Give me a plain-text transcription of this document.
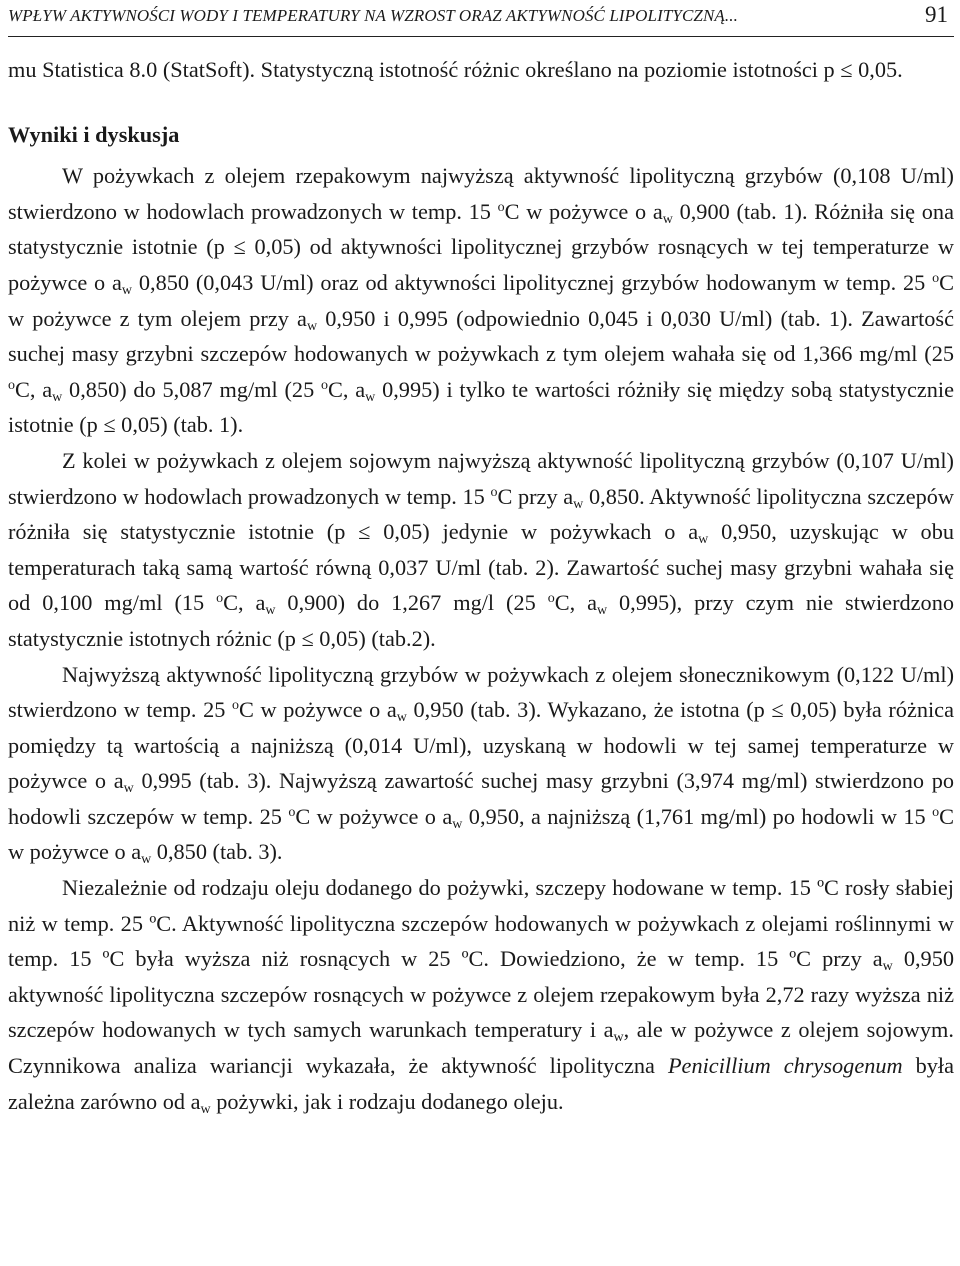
WPŁYW AKTYWNOŚCI WODY I TEMPERATURY NA WZROST ORAZ AKTYWNOŚĆ LIPOLITYCZNĄ...	91

mu Statistica 8.0 (StatSoft). Statystyczną istotność różnic określano na poziomie istotności p ≤ 0,05.

Wyniki i dyskusja

W pożywkach z olejem rzepakowym najwyższą aktywność lipolityczną grzybów (0,108 U/ml) stwierdzono w hodowlach prowadzonych w temp. 15 $^o$C w pożywce o $a_w$ 0,900 (tab. 1). Różniła się ona statystycznie istotnie (p ≤ 0,05) od aktywności lipolitycznej grzybów rosnących w tej temperaturze w pożywce o $a_w$ 0,850 (0,043 U/ml) oraz od aktywności lipolitycznej grzybów hodowanym w temp. 25 $^o$C w pożywce z tym olejem przy $a_w$ 0,950 i 0,995 (odpowiednio 0,045 i 0,030 U/ml) (tab. 1). Zawartość suchej masy grzybni szczepów hodowanych w pożywkach z tym olejem wahała się od 1,366 mg/ml (25 $^o$C, $a_w$ 0,850) do 5,087 mg/ml (25 $^o$C, $a_w$ 0,995) i tylko te wartości różniły się między sobą statystycznie istotnie (p ≤ 0,05) (tab. 1).

Z kolei w pożywkach z olejem sojowym najwyższą aktywność lipolityczną grzybów (0,107 U/ml) stwierdzono w hodowlach prowadzonych w temp. 15 $^o$C przy $a_w$ 0,850. Aktywność lipolityczna szczepów różniła się statystycznie istotnie (p ≤ 0,05) jedynie w pożywkach o $a_w$ 0,950, uzyskując w obu temperaturach taką samą wartość równą 0,037 U/ml (tab. 2). Zawartość suchej masy grzybni wahała się od 0,100 mg/ml (15 $^o$C, $a_w$ 0,900) do 1,267 mg/l (25 $^o$C, $a_w$ 0,995), przy czym nie stwierdzono statystycznie istotnych różnic (p ≤ 0,05) (tab.2).

Najwyższą aktywność lipolityczną grzybów w pożywkach z olejem słonecznikowym (0,122 U/ml) stwierdzono w temp. 25 $^o$C w pożywce o $a_w$ 0,950 (tab. 3). Wykazano, że istotna (p ≤ 0,05) była różnica pomiędzy tą wartością a najniższą (0,014 U/ml), uzyskaną w hodowli w tej samej temperaturze w pożywce o $a_w$ 0,995 (tab. 3). Najwyższą zawartość suchej masy grzybni (3,974 mg/ml) stwierdzono po hodowli szczepów w temp. 25 $^o$C w pożywce o $a_w$ 0,950, a najniższą (1,761 mg/ml) po hodowli w 15 $^o$C w pożywce o $a_w$ 0,850 (tab. 3).

Niezależnie od rodzaju oleju dodanego do pożywki, szczepy hodowane w temp. 15 ºC rosły słabiej niż w temp. 25 ºC. Aktywność lipolityczna szczepów hodowanych w pożywkach z olejami roślinnymi w temp. 15 ºC była wyższa niż rosnących w 25 ºC. Dowiedziono, że w temp. 15 ºC przy $a_w$ 0,950 aktywność lipolityczna szczepów rosnących w pożywce z olejem rzepakowym była 2,72 razy wyższa niż szczepów hodowanych w tych samych warunkach temperatury i $a_w$, ale w pożywce z olejem sojowym. Czynnikowa analiza wariancji wykazała, że aktywność lipolityczna Penicillium chrysogenum była zależna zarówno od $a_w$ pożywki, jak i rodzaju dodanego oleju.
